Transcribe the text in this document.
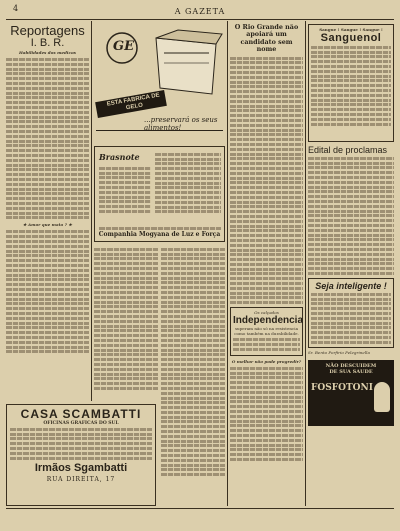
4	A GAZETA
Reportagens
I. B. R.
Habilidades dos medicos
★ Amor que mata ? ★
GE
ESTA FABRICA DE GELO
...preservará os seus alimentos!
Brasnote
Companhia Mogyana de Luz e Força
O Rio Grande não apoiará um candidato sem nome
Os calçados
Independencia
superam não só na resistencia como também na durabilidade.
O melhor não pode progredir?
Sangue ! Sangue ! Sangue !
Sanguenol
Edital de proclamas
Seja inteligente !
Sr. Bento Porfirio Pelegrinella
NÃO DESCUIDEM
DE SUA SAUDE
FOSFOTONI
CASA SCAMBATTI
OFICINAS GRAFICAS DO SUL
Irmãos Sgambatti
RUA DIREITA, 17
